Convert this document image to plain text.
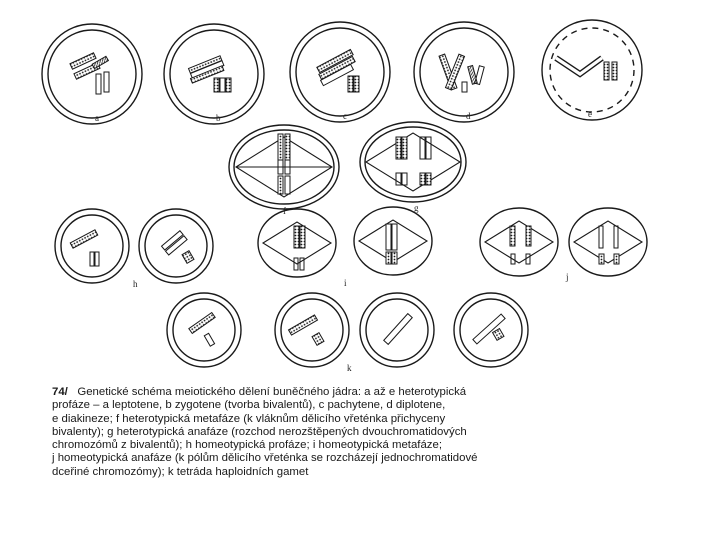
a	b	c	d	e
f	g
h	i
j
k
74/ Genetické schéma meiotického dělení buněčného jádra: a až e heterotypická
profáze – a leptotene, b zygotene (tvorba bivalentů), c pachytene, d diplotene,
e diakineze; f heterotypická metafáze (k vláknům dělicího vřeténka přichyceny
bivalenty); g heterotypická anafáze (rozchod nerozštěpených dvouchromatidových
chromozómů z bivalentů); h homeotypická profáze; i homeotypická metafáze;
j homeotypická anafáze (k pólům dělicího vřeténka se rozcházejí jednochromatidové
dceřiné chromozómy); k tetráda haploidních gamet
